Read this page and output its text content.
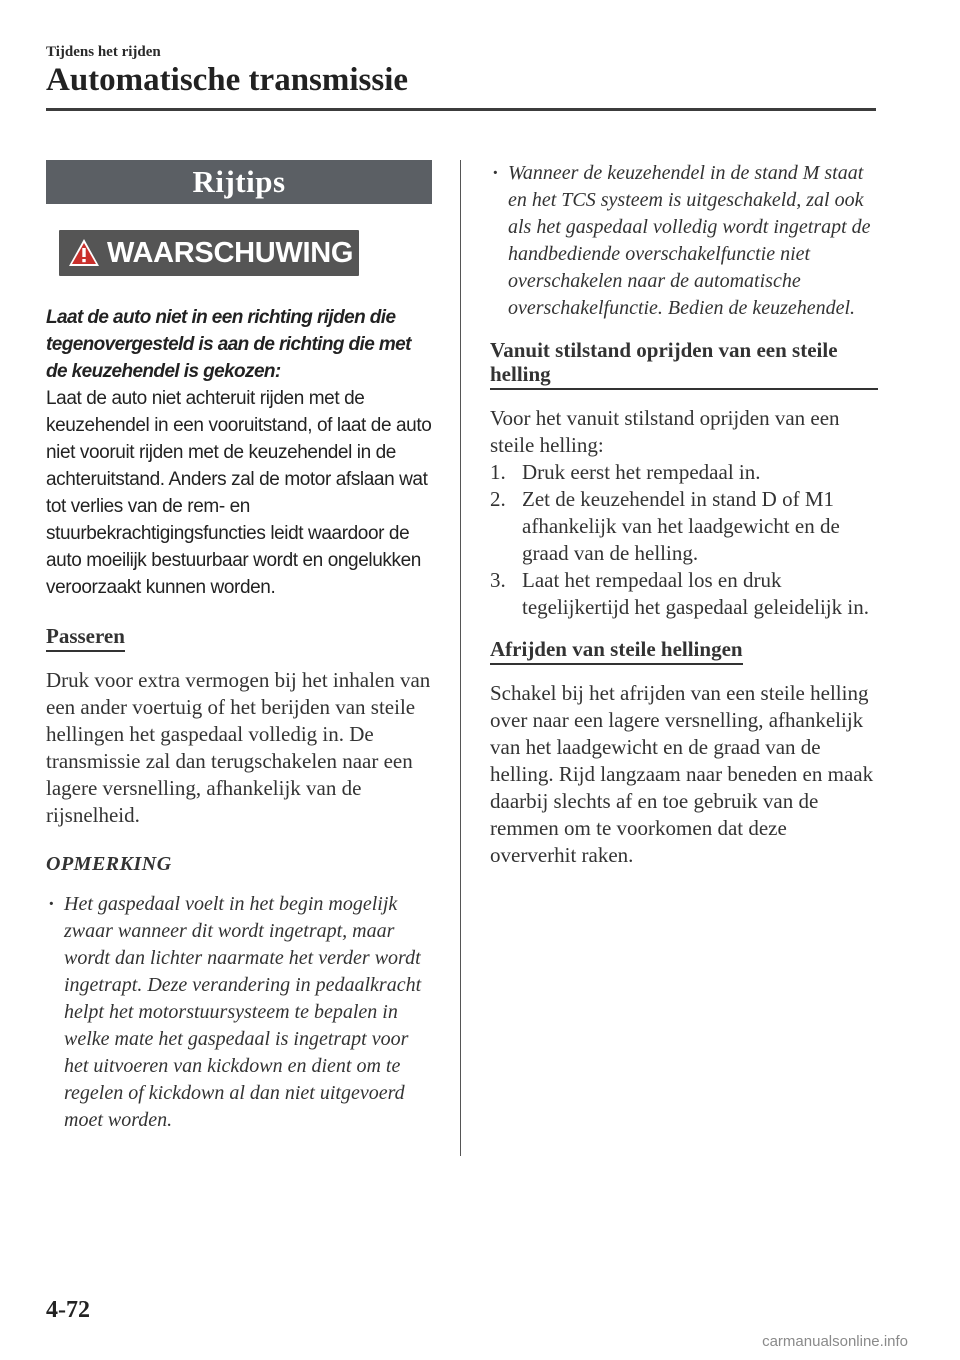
Tijdens het rijden
Automatische transmissie
Rijtips
WAARSCHUWING

Laat de auto niet in een richting rijden die tegenovergesteld is aan de richting die met de keuzehendel is gekozen:

Laat de auto niet achteruit rijden met de keuzehendel in een vooruitstand, of laat de auto niet vooruit rijden met de keuzehendel in de achteruitstand. Anders zal de motor afslaan wat tot verlies van de rem- en stuurbekrachtigingsfuncties leidt waardoor de auto moeilijk bestuurbaar wordt en ongelukken veroorzaakt kunnen worden.

Passeren

Druk voor extra vermogen bij het inhalen van een ander voertuig of het berijden van steile hellingen het gaspedaal volledig in. De transmissie zal dan terugschakelen naar een lagere versnelling, afhankelijk van de rijsnelheid.

OPMERKING

· Het gaspedaal voelt in het begin mogelijk zwaar wanneer dit wordt ingetrapt, maar wordt dan lichter naarmate het verder wordt ingetrapt. Deze verandering in pedaalkracht helpt het motorstuursysteem te bepalen in welke mate het gaspedaal is ingetrapt voor het uitvoeren van kickdown en dient om te regelen of kickdown al dan niet uitgevoerd moet worden.

· Wanneer de keuzehendel in de stand M staat en het TCS systeem is uitgeschakeld, zal ook als het gaspedaal volledig wordt ingetrapt de handbediende overschakelfunctie niet overschakelen naar de automatische overschakelfunctie. Bedien de keuzehendel.

Vanuit stilstand oprijden van een steile helling

Voor het vanuit stilstand oprijden van een steile helling:

1. Druk eerst het rempedaal in.
2. Zet de keuzehendel in stand D of M1 afhankelijk van het laadgewicht en de graad van de helling.
3. Laat het rempedaal los en druk tegelijkertijd het gaspedaal geleidelijk in.
Afrijden van steile hellingen

Schakel bij het afrijden van een steile helling over naar een lagere versnelling, afhankelijk van het laadgewicht en de graad van de helling. Rijd langzaam naar beneden en maak daarbij slechts af en toe gebruik van de remmen om te voorkomen dat deze oververhit raken.

4-72
carmanualsonline.info
